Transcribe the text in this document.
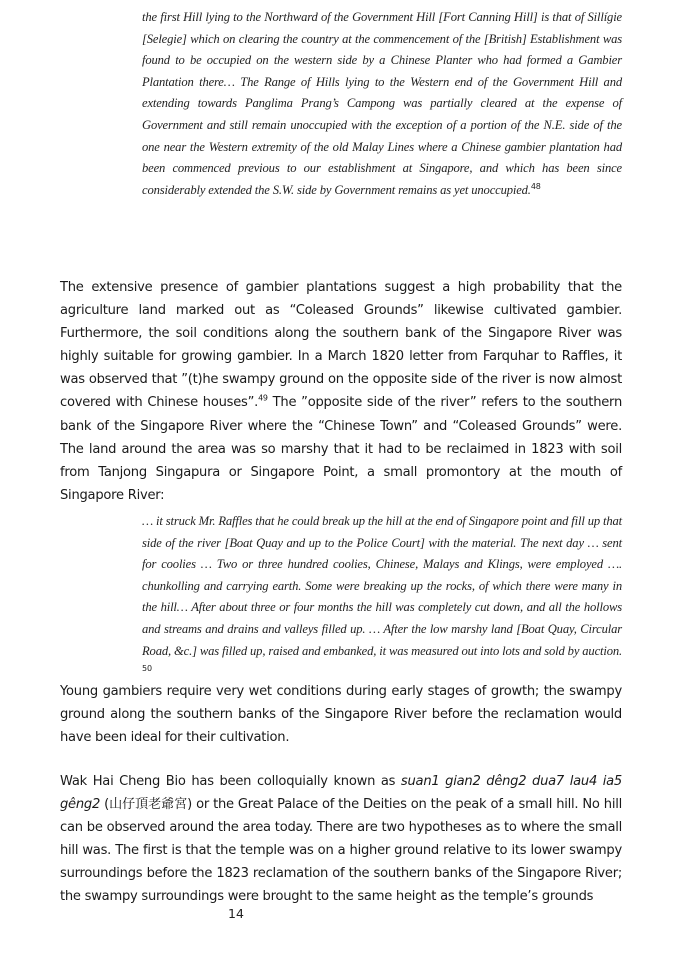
the first Hill lying to the Northward of the Government Hill [Fort Canning Hill] is that of Sillígie [Selegie] which on clearing the country at the commencement of the [British] Establishment was found to be occupied on the western side by a Chinese Planter who had formed a Gambier Plantation there… The Range of Hills lying to the Western end of the Government Hill and extending towards Panglima Prang’s Campong was partially cleared at the expense of Government and still remain unoccupied with the exception of a portion of the N.E. side of the one near the Western extremity of the old Malay Lines where a Chinese gambier plantation had been commenced previous to our establishment at Singapore, and which has been since considerably extended the S.W. side by Government remains as yet unoccupied.$^{48}$
The extensive presence of gambier plantations suggest a high probability that the agriculture land marked out as “Coleased Grounds” likewise cultivated gambier. Furthermore, the soil conditions along the southern bank of the Singapore River was highly suitable for growing gambier. In a March 1820 letter from Farquhar to Raffles, it was observed that ”(t)he swampy ground on the opposite side of the river is now almost covered with Chinese houses”.$^{49}$ The ”opposite side of the river” refers to the southern bank of the Singapore River where the “Chinese Town” and “Coleased Grounds” were. The land around the area was so marshy that it had to be reclaimed in 1823 with soil from Tanjong Singapura or Singapore Point, a small promontory at the mouth of Singapore River:
… it struck Mr. Raffles that he could break up the hill at the end of Singapore point and fill up that side of the river [Boat Quay and up to the Police Court] with the material. The next day … sent for coolies … Two or three hundred coolies, Chinese, Malays and Klings, were employed …. chunkolling and carrying earth. Some were breaking up the rocks, of which there were many in the hill… After about three or four months the hill was completely cut down, and all the hollows and streams and drains and valleys filled up. … After the low marshy land [Boat Quay, Circular Road, &c.] was filled up, raised and embanked, it was measured out into lots and sold by auction. $^{50}$
Young gambiers require very wet conditions during early stages of growth; the swampy ground along the southern banks of the Singapore River before the reclamation would have been ideal for their cultivation.
Wak Hai Cheng Bio has been colloquially known as suan1 gian2 dêng2 dua7 lau4 ia5 gêng2 (山仔頂老爺宮) or the Great Palace of the Deities on the peak of a small hill. No hill can be observed around the area today. There are two hypotheses as to where the small hill was. The first is that the temple was on a higher ground relative to its lower swampy surroundings before the 1823 reclamation of the southern banks of the Singapore River; the swampy surroundings were brought to the same height as the temple’s grounds
14
